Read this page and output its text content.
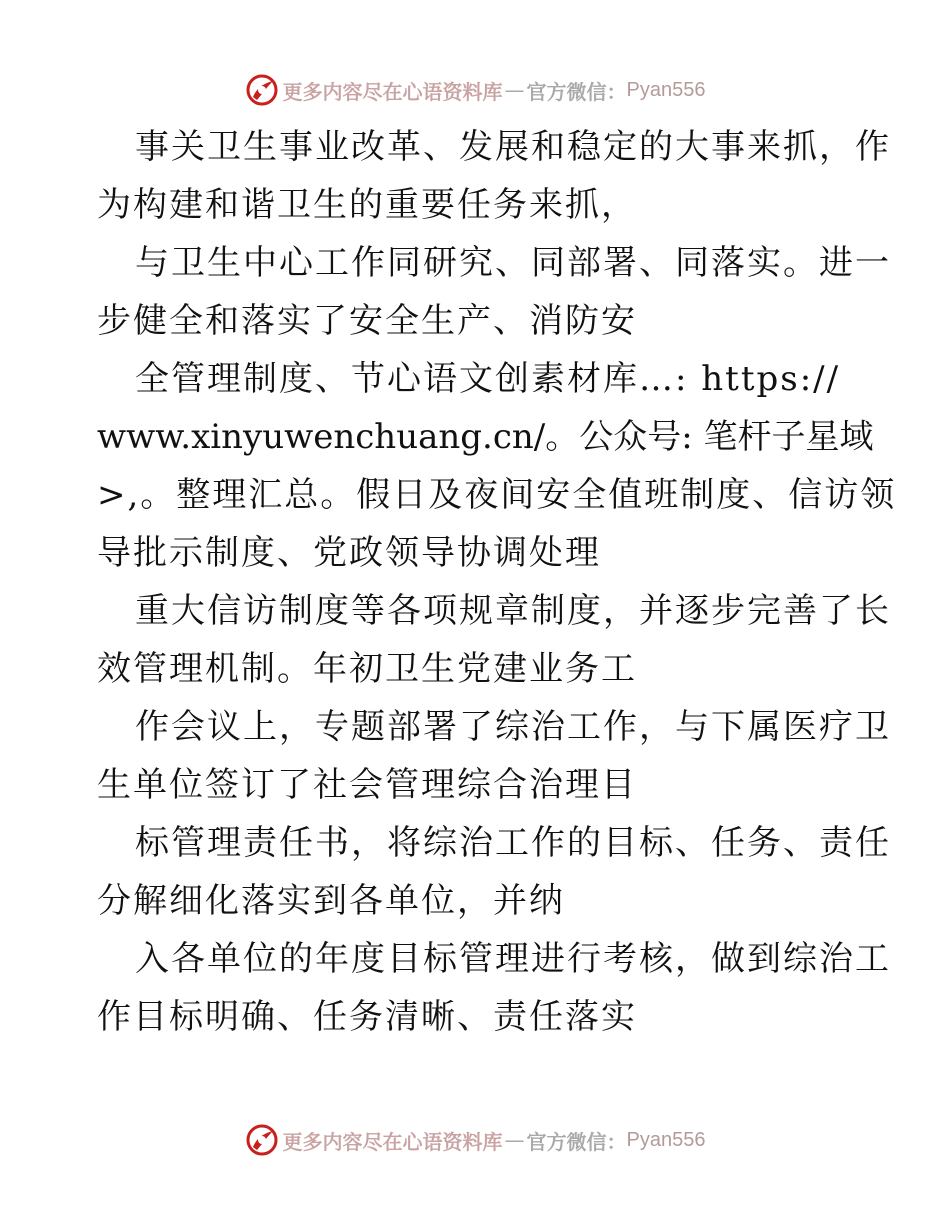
更多内容尽在心语资料库 — 官方微信： Pyan556
事关卫生事业改革、发展和稳定的大事来抓，作
为构建和谐卫生的重要任务来抓，
与卫生中心工作同研究、同部署、同落实。进一
步健全和落实了安全生产、消防安
全管理制度、节心语文创素材库…: https://
www.xinyuwenchuang.cn/。公众号: 笔杆子星域
>,。整理汇总。假日及夜间安全值班制度、信访领
导批示制度、党政领导协调处理
重大信访制度等各项规章制度，并逐步完善了长
效管理机制。年初卫生党建业务工
作会议上，专题部署了综治工作，与下属医疗卫
生单位签订了社会管理综合治理目
标管理责任书，将综治工作的目标、任务、责任
分解细化落实到各单位，并纳
入各单位的年度目标管理进行考核，做到综治工
作目标明确、任务清晰、责任落实
更多内容尽在心语资料库 — 官方微信： Pyan556
